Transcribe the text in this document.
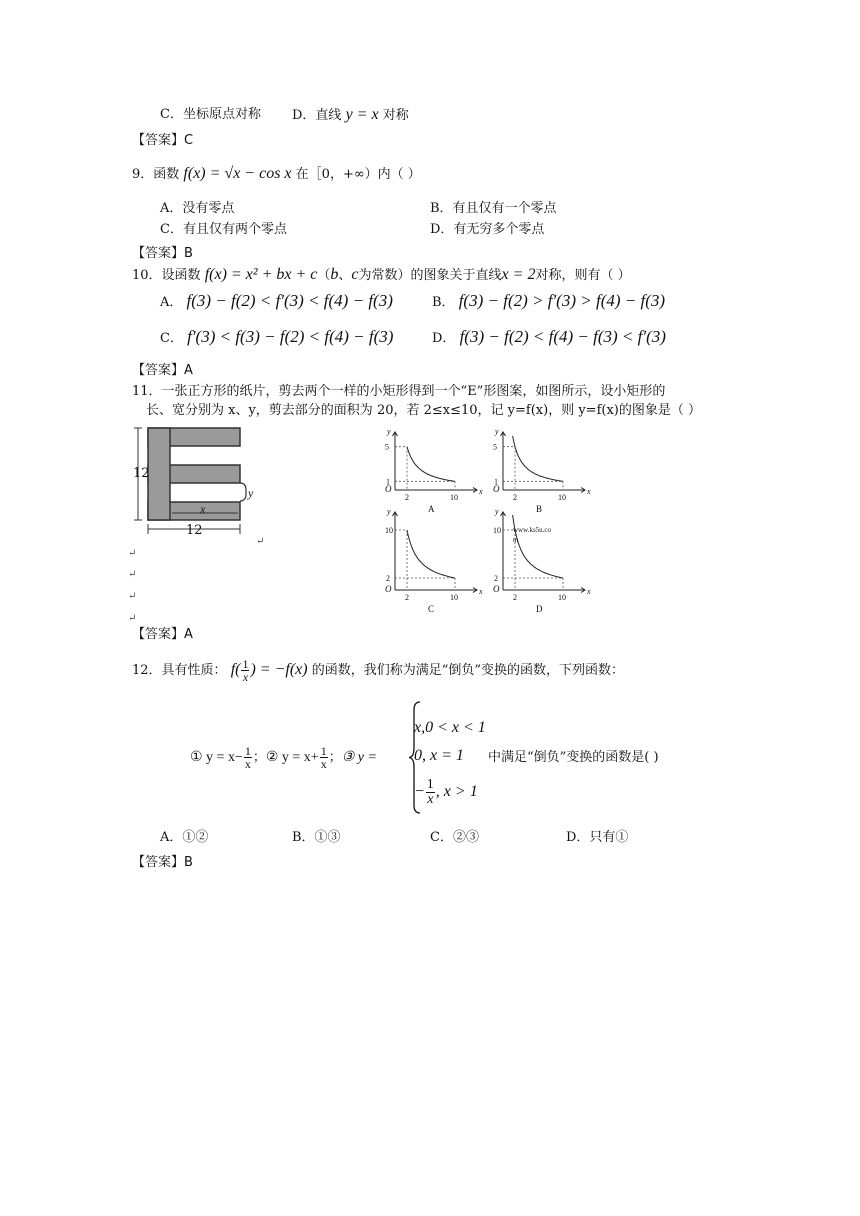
C．坐标原点对称 D．直线 y = x 对称
【答案】C
9．函数 f(x) = √x − cos x 在［0，+∞）内（ ）
A．没有零点	B．有且仅有一个零点
C．有且仅有两个零点	D．有无穷多个零点
【答案】B
10．设函数 f(x) = x² + bx + c（b、c为常数）的图象关于直线x = 2对称，则有（ ）
A． f(3) − f(2) < f′(3) < f(4) − f(3)	B． f(3) − f(2) > f′(3) > f(4) − f(3)
C． f′(3) < f(3) − f(2) < f(4) − f(3)	D． f(3) − f(2) < f(4) − f(3) < f′(3)
【答案】A
11．一张正方形的纸片，剪去两个一样的小矩形得到一个“E”形图案，如图所示，设小矩形的
长、宽分别为 x、y，剪去部分的面积为 20，若 2≤x≤10，记 y=f(x)，则 y=f(x)的图象是（ ）
12
12
x
y
↵
↵
↵
↵
↵
O	x
y
2	10
5
1
A
O	x
y
2	10
5
1
B
O	x
y
2	10
10
2
C
O	x
y
2	10
10
2
D
www.ks5u.co
m
【答案】A
12．具有性质： $f( \frac{1}{x}$ ) = −f(x) 的函数，我们称为满足“倒负”变换的函数，下列函数：
① $y = x- \frac{1}{x}$ ；② $y = x+ \frac{1}{x}$ ；③ y =
x,0 < x < 1
0, x = 1
− $\frac{1}{x}$ , x > 1
中满足“倒负”变换的函数是( )
A．①②	B．①③	C．②③	D．只有①
【答案】B
